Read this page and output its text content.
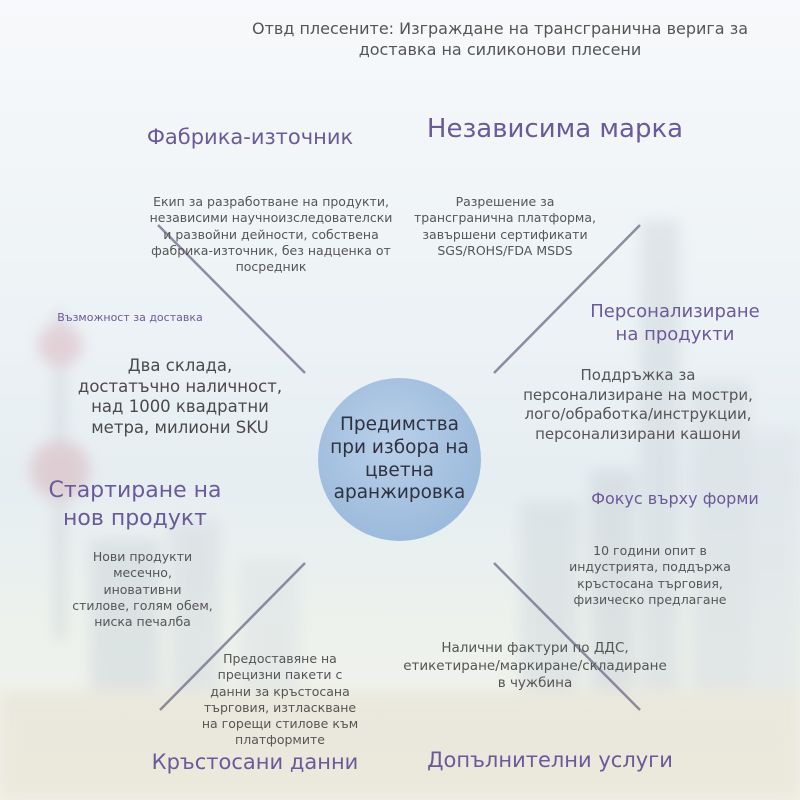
Отвд плесените: Изграждане на трансгранична верига за
доставка на силиконови плесени
Фабрика-източник
Екип за разработване на продукти,
независими научноизследователски
и развойни дейности, собствена
фабрика-източник, без надценка от
посредник
Независима марка
Разрешение за
трансгранична платформа,
завършени сертификати
SGS/ROHS/FDA MSDS
Възможност за доставка
Два склада,
достатъчно наличност,
над 1000 квадратни
метра, милиони SKU
Персонализиране
на продукти
Поддръжка за
персонализиране на мостри,
лого/обработка/инструкции,
персонализирани кашони
Предимства
при избора на
цветна
аранжировка
Стартиране на
нов продукт
Нови продукти
месечно,
иновативни
стилове, голям обем,
ниска печалба
Фокус върху форми
10 години опит в
индустрията, поддържа
кръстосана търговия,
физическо предлагане
Предоставяне на
прецизни пакети с
данни за кръстосана
търговия, изтласкване
на горещи стилове към
платформите
Кръстосани данни
Налични фактури по ДДС,
етикетиране/маркиране/складиране
в чужбина
Допълнителни услуги
